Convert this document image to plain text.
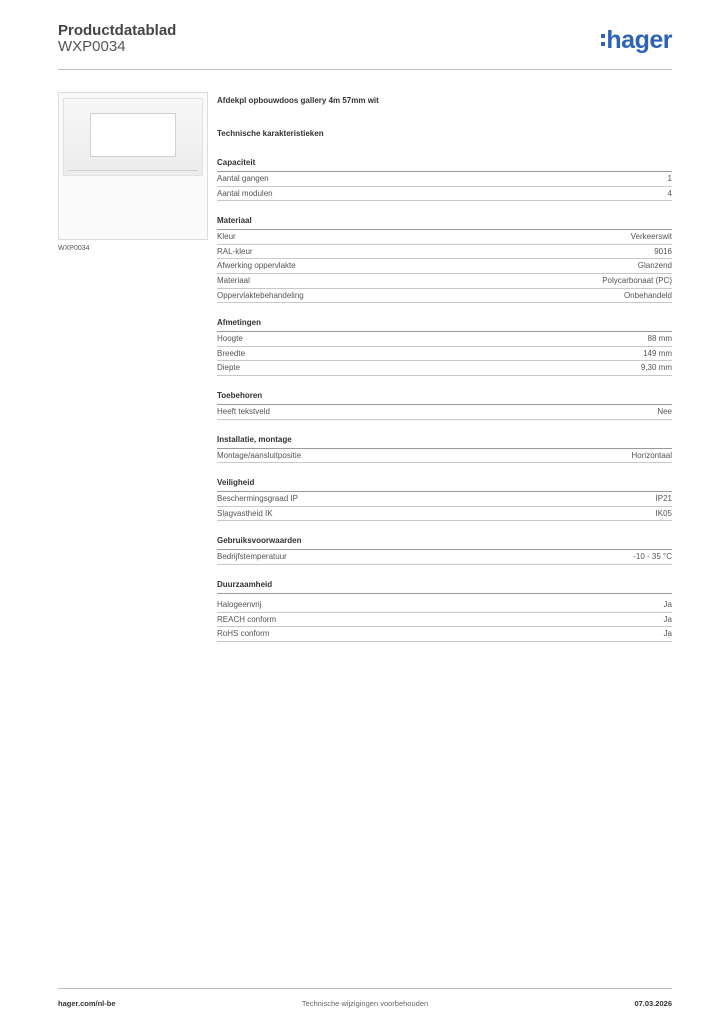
Productdatablad
WXP0034	hager
WXP0034
Afdekpl opbouwdoos gallery 4m 57mm wit
Technische karakteristieken
Capaciteit
Aantal gangen	1
Aantal modulen	4
Materiaal
Kleur	Verkeerswit
RAL-kleur	9016
Afwerking oppervlakte	Glanzend
Materiaal	Polycarbonaat (PC)
Oppervlaktebehandeling	Onbehandeld
Afmetingen
Hoogte	88 mm
Breedte	149 mm
Diepte	9,30 mm
Toebehoren
Heeft tekstveld	Nee
Installatie, montage
Montage/aansluitpositie	Horizontaal
Veiligheid
Beschermingsgraad IP	IP21
Slagvastheid IK	IK05
Gebruiksvoorwaarden
Bedrijfstemperatuur	-10 - 35 °C
Duurzaamheid
Halogeenvrij	Ja
REACH conform	Ja
RoHS conform	Ja
hager.com/nl-be	Technische wijzigingen voorbehouden	07.03.2026
